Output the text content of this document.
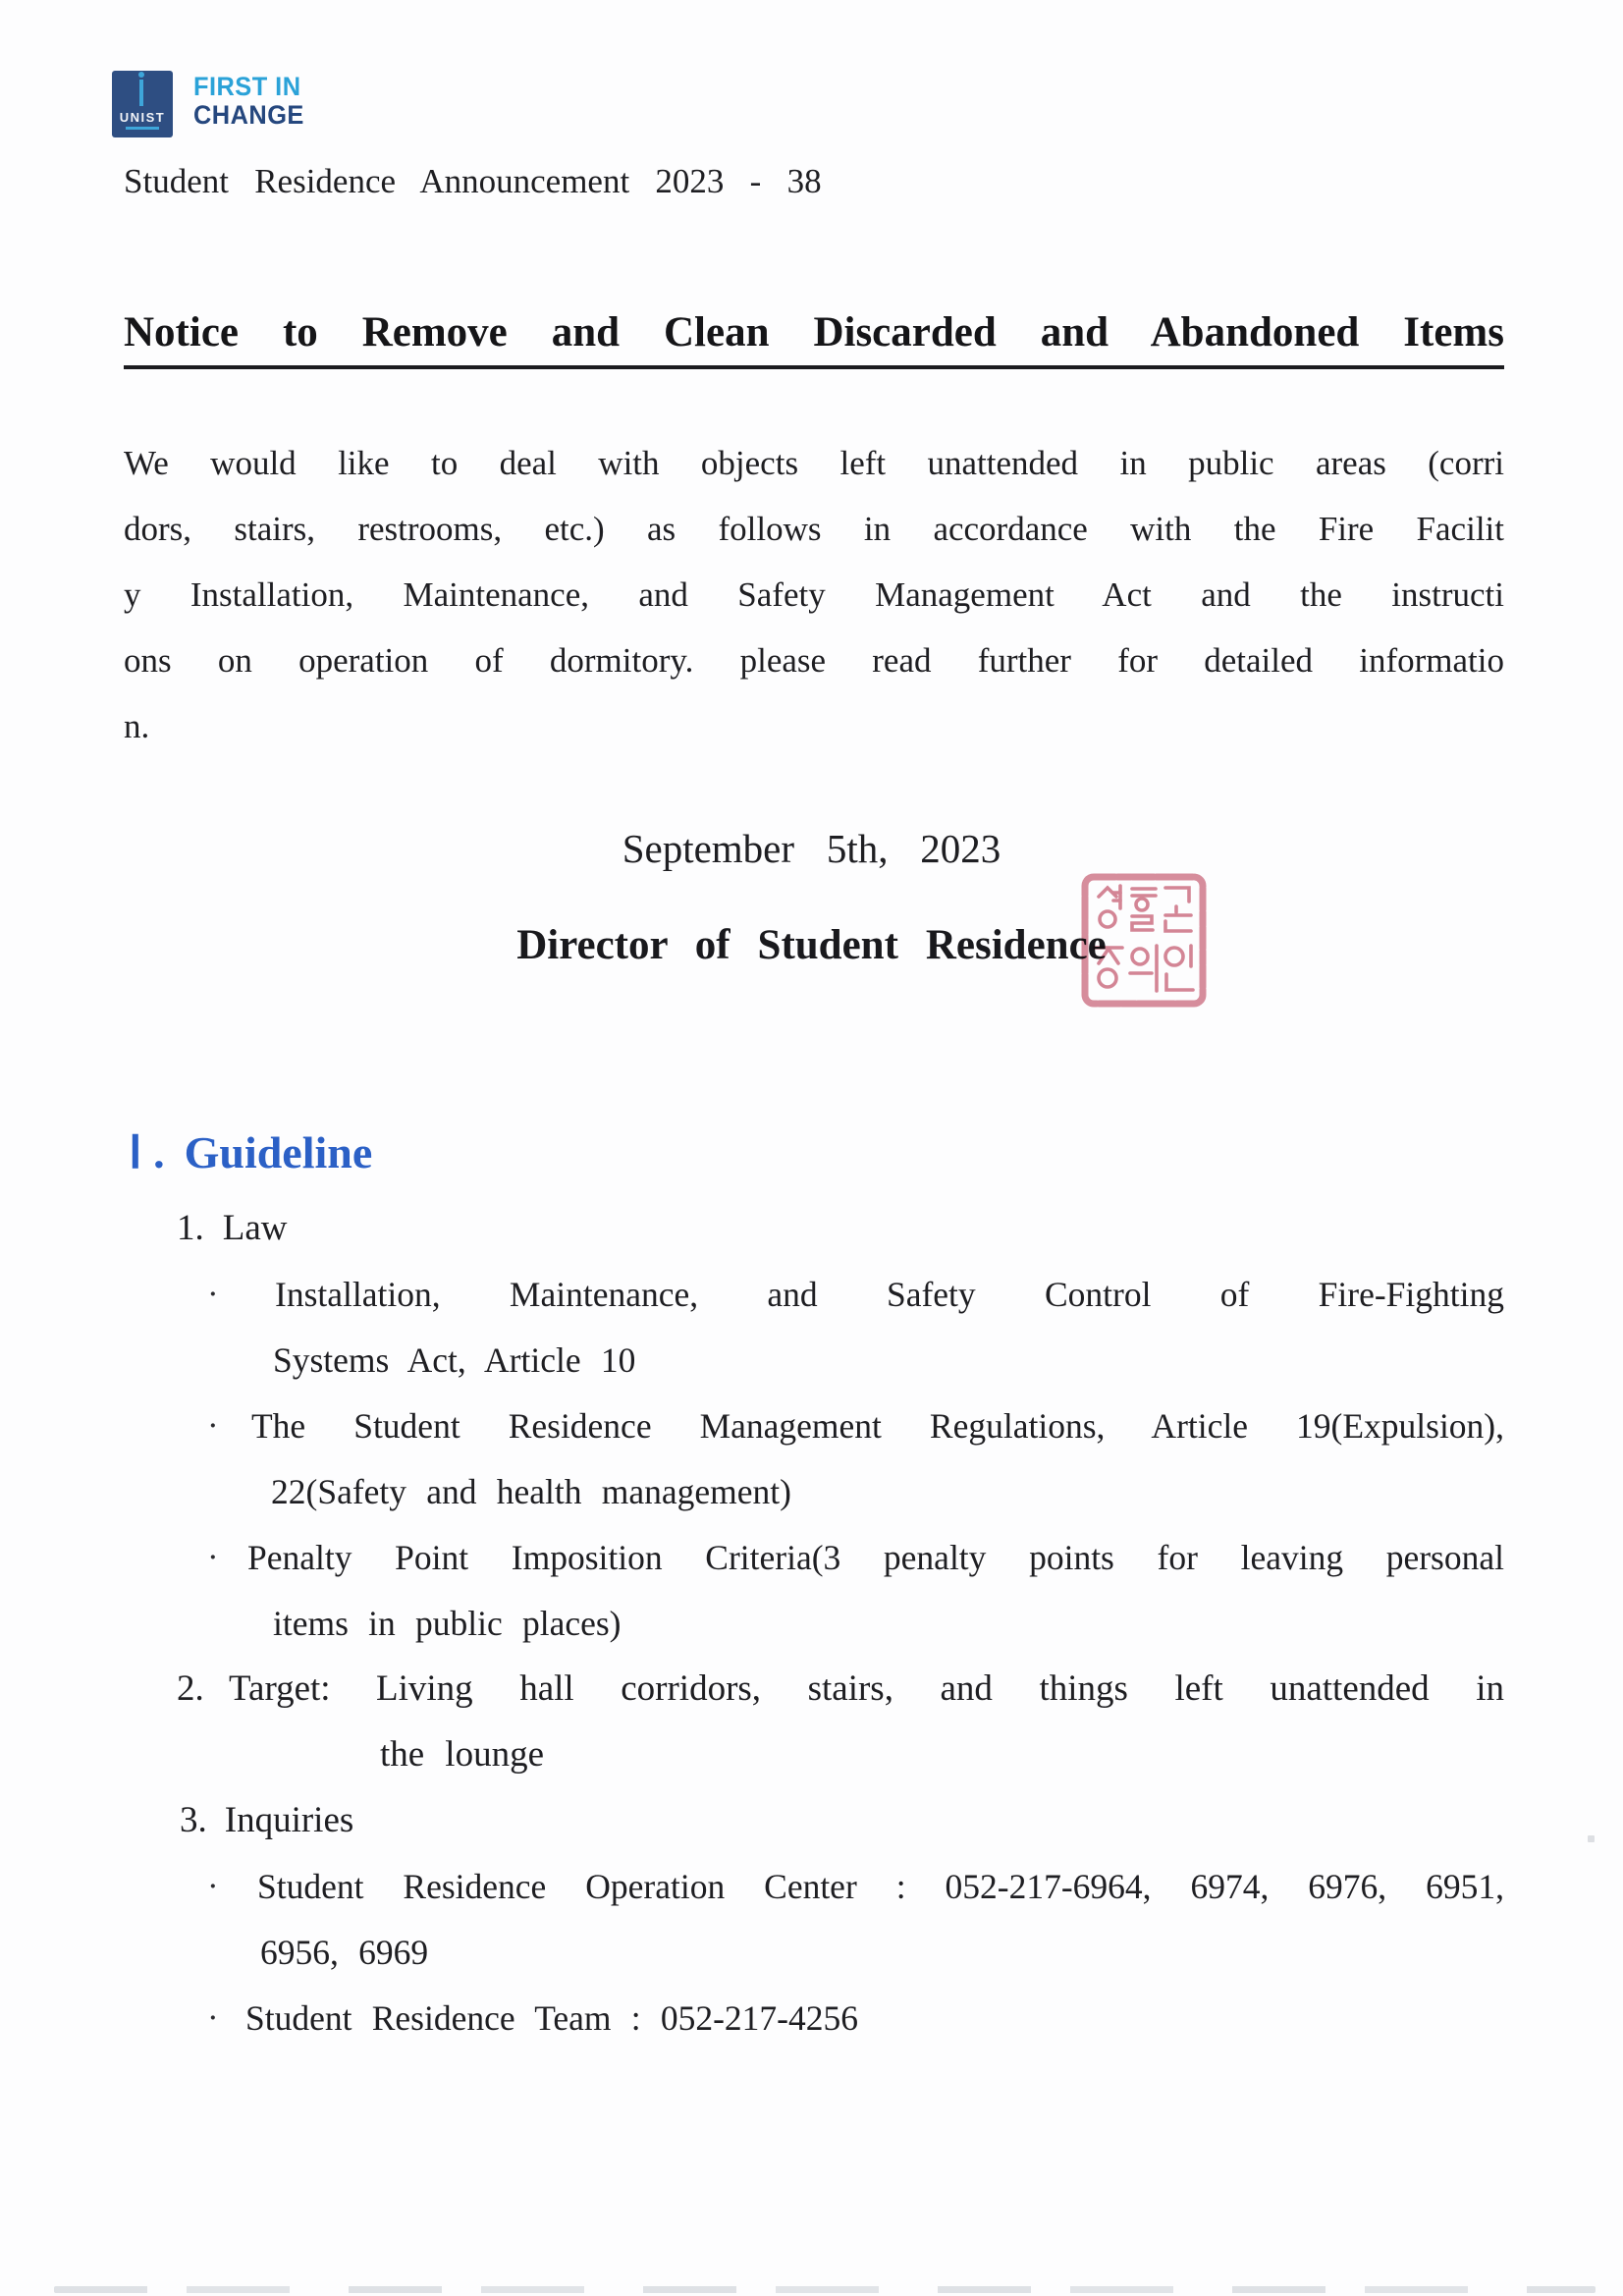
UNIST
FIRST IN
CHANGE
Student Residence Announcement 2023 - 38
Notice to Remove and Clean Discarded and Abandoned Items
We would like to deal with objects left unattended in public areas (corri
dors, stairs, restrooms, etc.) as follows in accordance with the Fire Facilit
y Installation, Maintenance, and Safety Management Act and the instructi
ons on operation of dormitory. please read further for detailed informatio
n.
September 5th, 2023
Director of Student Residence
Ⅰ . Guideline
1. Law
· Installation, Maintenance, and Safety Control of Fire-Fighting
Systems Act, Article 10
· The Student Residence Management Regulations, Article 19(Expulsion),
22(Safety and health management)
· Penalty Point Imposition Criteria(3 penalty points for leaving personal
items in public places)
2. Target: Living hall corridors, stairs, and things left unattended in
the lounge
3. Inquiries
· Student Residence Operation Center : 052-217-6964, 6974, 6976, 6951,
6956, 6969
· Student Residence Team : 052-217-4256
